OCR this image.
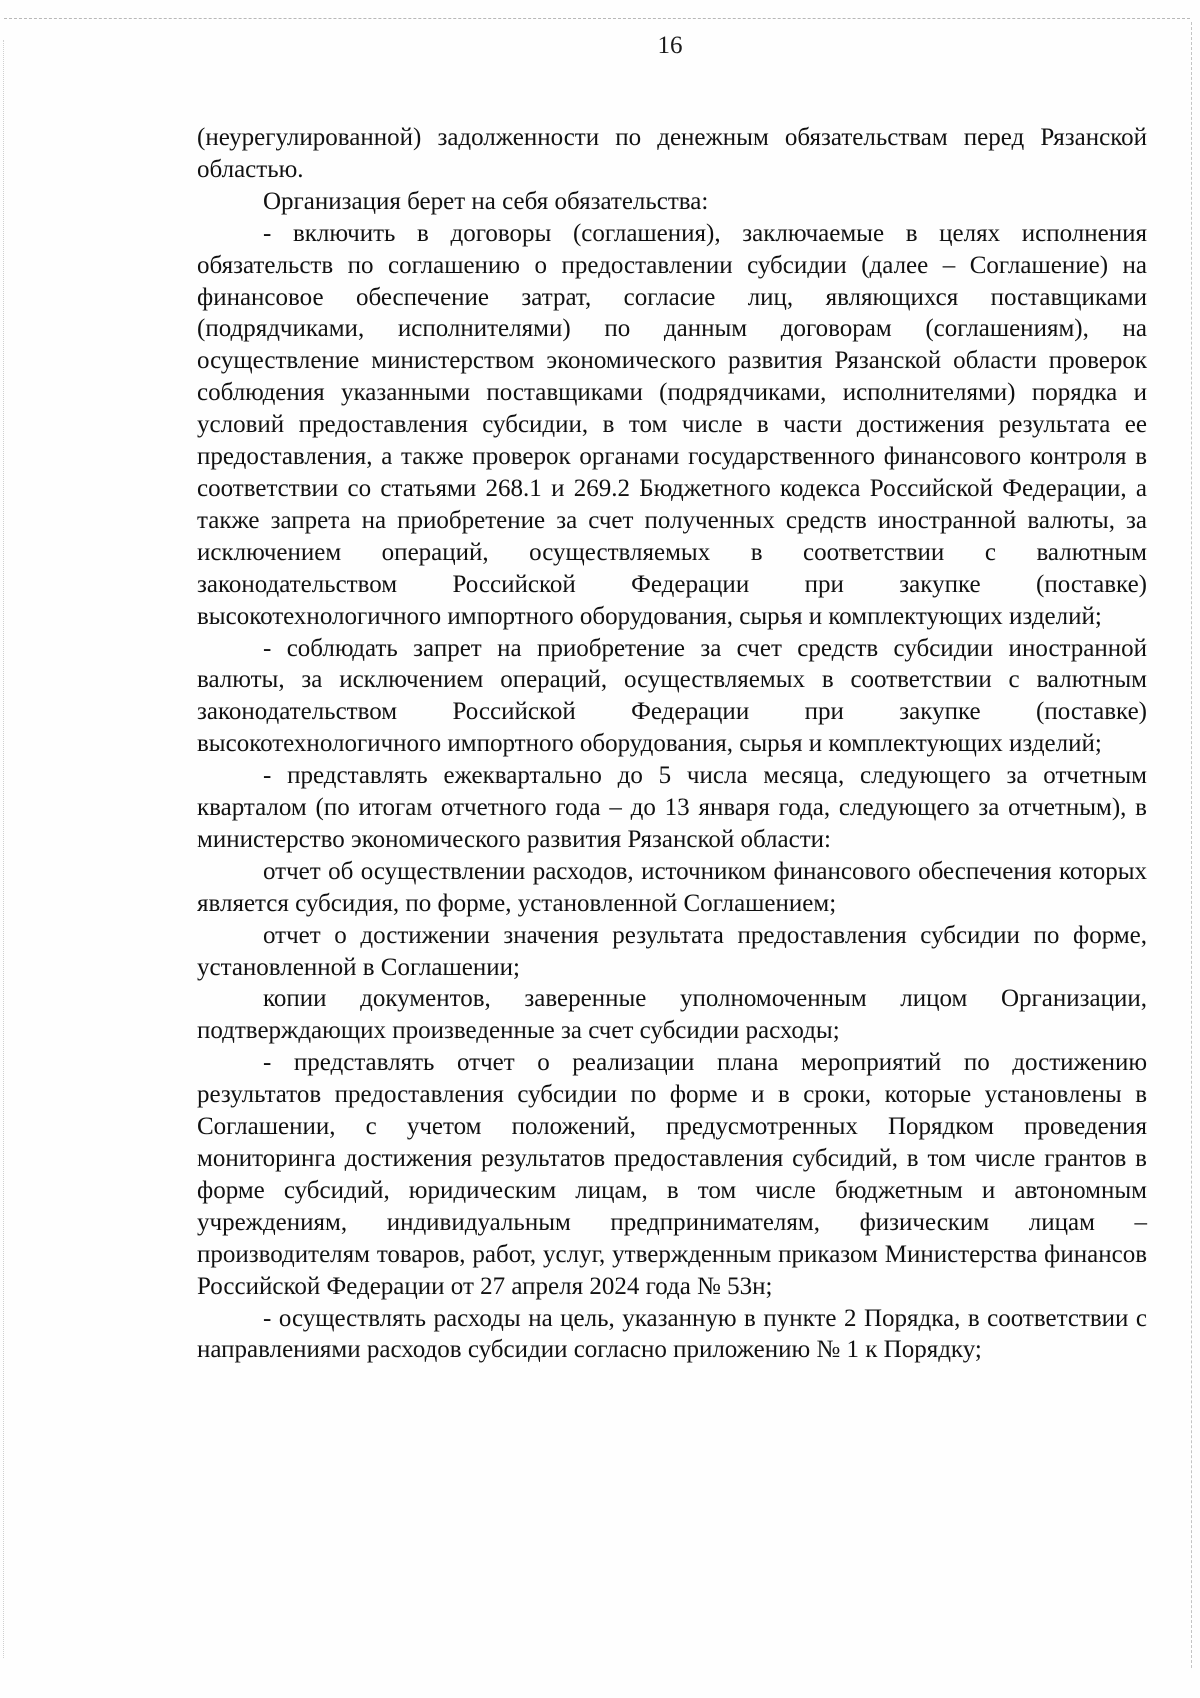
16

(неурегулированной) задолженности по денежным обязательствам перед Рязанской областью.

Организация берет на себя обязательства:

- включить в договоры (соглашения), заключаемые в целях исполнения обязательств по соглашению о предоставлении субсидии (далее – Соглашение) на финансовое обеспечение затрат, согласие лиц, являющихся поставщиками (подрядчиками, исполнителями) по данным договорам (соглашениям), на осуществление министерством экономического развития Рязанской области проверок соблюдения указанными поставщиками (подрядчиками, исполнителями) порядка и условий предоставления субсидии, в том числе в части достижения результата ее предоставления, а также проверок органами государственного финансового контроля в соответствии со статьями 268.1 и 269.2 Бюджетного кодекса Российской Федерации, а также запрета на приобретение за счет полученных средств иностранной валюты, за исключением операций, осуществляемых в соответствии с валютным законодательством Российской Федерации при закупке (поставке) высокотехнологичного импортного оборудования, сырья и комплектующих изделий;

- соблюдать запрет на приобретение за счет средств субсидии иностранной валюты, за исключением операций, осуществляемых в соответствии с валютным законодательством Российской Федерации при закупке (поставке) высокотехнологичного импортного оборудования, сырья и комплектующих изделий;

- представлять ежеквартально до 5 числа месяца, следующего за отчетным кварталом (по итогам отчетного года – до 13 января года, следующего за отчетным), в министерство экономического развития Рязанской области:

отчет об осуществлении расходов, источником финансового обеспечения которых является субсидия, по форме, установленной Соглашением;

отчет о достижении значения результата предоставления субсидии по форме, установленной в Соглашении;

копии документов, заверенные уполномоченным лицом Организации, подтверждающих произведенные за счет субсидии расходы;

- представлять отчет о реализации плана мероприятий по достижению результатов предоставления субсидии по форме и в сроки, которые установлены в Соглашении, с учетом положений, предусмотренных Порядком проведения мониторинга достижения результатов предоставления субсидий, в том числе грантов в форме субсидий, юридическим лицам, в том числе бюджетным и автономным учреждениям, индивидуальным предпринимателям, физическим лицам – производителям товаров, работ, услуг, утвержденным приказом Министерства финансов Российской Федерации от 27 апреля 2024 года № 53н;

- осуществлять расходы на цель, указанную в пункте 2 Порядка, в соответствии с направлениями расходов субсидии согласно приложению № 1 к Порядку;
